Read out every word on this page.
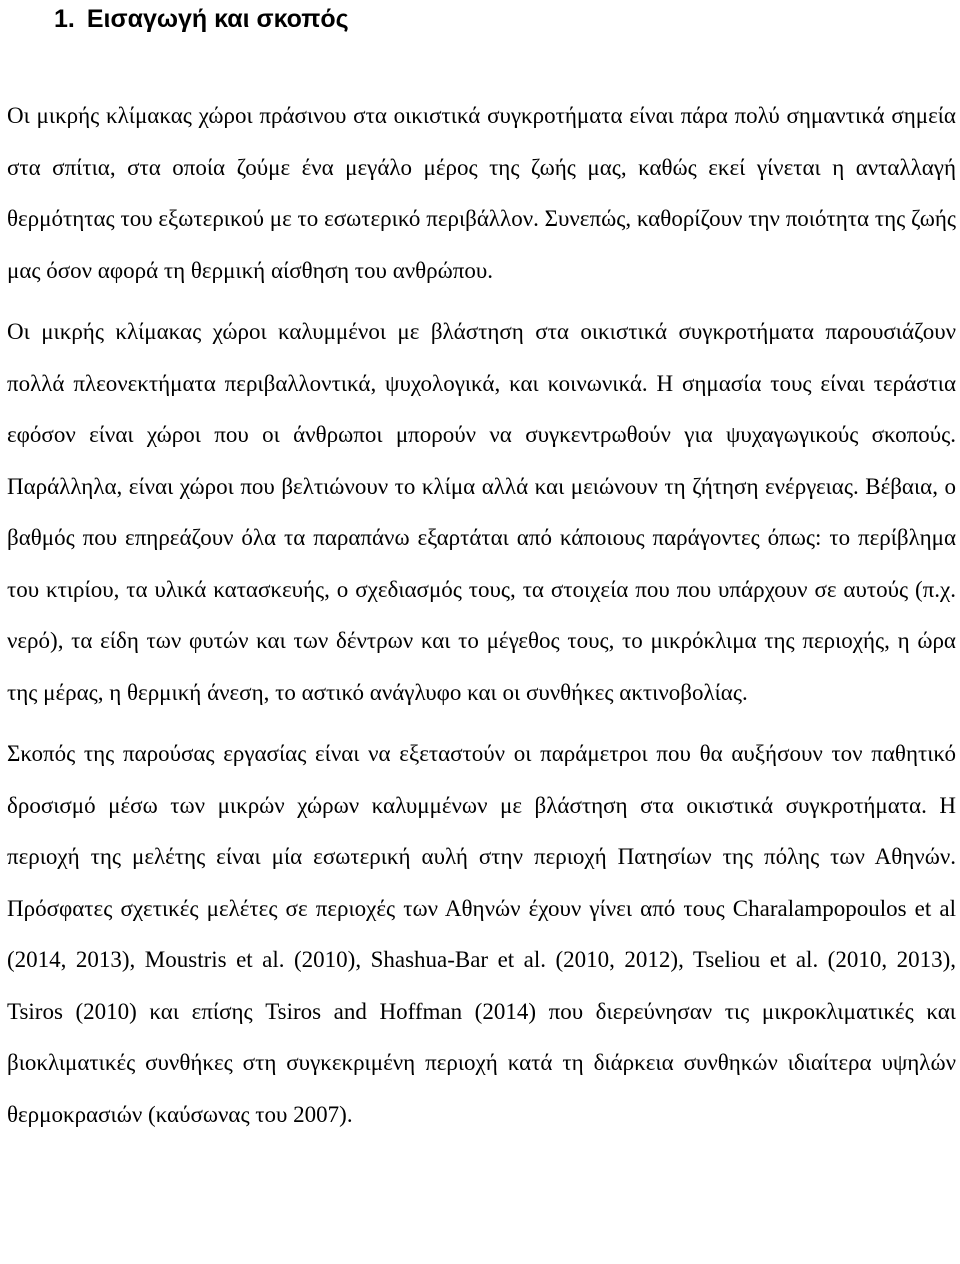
1. Εισαγωγή και σκοπός

Οι μικρής κλίμακας χώροι πράσινου στα οικιστικά συγκροτήματα είναι πάρα πολύ σημαντικά σημεία στα σπίτια, στα οποία ζούμε ένα μεγάλο μέρος της ζωής μας, καθώς εκεί γίνεται η ανταλλαγή θερμότητας του εξωτερικού με το εσωτερικό περιβάλλον. Συνεπώς, καθορίζουν την ποιότητα της ζωής μας όσον αφορά τη θερμική αίσθηση του ανθρώπου.

Οι μικρής κλίμακας χώροι καλυμμένοι με βλάστηση στα οικιστικά συγκροτήματα παρουσιάζουν πολλά πλεονεκτήματα περιβαλλοντικά, ψυχολογικά, και κοινωνικά. Η σημασία τους είναι τεράστια εφόσον είναι χώροι που οι άνθρωποι μπορούν να συγκεντρωθούν για ψυχαγωγικούς σκοπούς. Παράλληλα, είναι χώροι που βελτιώνουν το κλίμα αλλά και μειώνουν τη ζήτηση ενέργειας. Βέβαια, ο βαθμός που επηρεάζουν όλα τα παραπάνω εξαρτάται από κάποιους παράγοντες όπως: το περίβλημα του κτιρίου, τα υλικά κατασκευής, ο σχεδιασμός τους, τα στοιχεία που που υπάρχουν σε αυτούς (π.χ. νερό), τα είδη των φυτών και των δέντρων και το μέγεθος τους, το μικρόκλιμα της περιοχής, η ώρα της μέρας, η θερμική άνεση, το αστικό ανάγλυφο και οι συνθήκες ακτινοβολίας.

Σκοπός της παρούσας εργασίας είναι να εξεταστούν οι παράμετροι που θα αυξήσουν τον παθητικό δροσισμό μέσω των μικρών χώρων καλυμμένων με βλάστηση στα οικιστικά συγκροτήματα. Η περιοχή της μελέτης είναι μία εσωτερική αυλή στην περιοχή Πατησίων της πόλης των Αθηνών. Πρόσφατες σχετικές μελέτες σε περιοχές των Αθηνών έχουν γίνει από τους Charalampopoulos et al (2014, 2013), Moustris et al. (2010), Shashua-Bar et al. (2010, 2012), Tseliou et al. (2010, 2013), Tsiros (2010) και επίσης Tsiros and Hoffman (2014) που διερεύνησαν τις μικροκλιματικές και βιοκλιματικές συνθήκες στη συγκεκριμένη περιοχή κατά τη διάρκεια συνθηκών ιδιαίτερα υψηλών θερμοκρασιών (καύσωνας του 2007).
